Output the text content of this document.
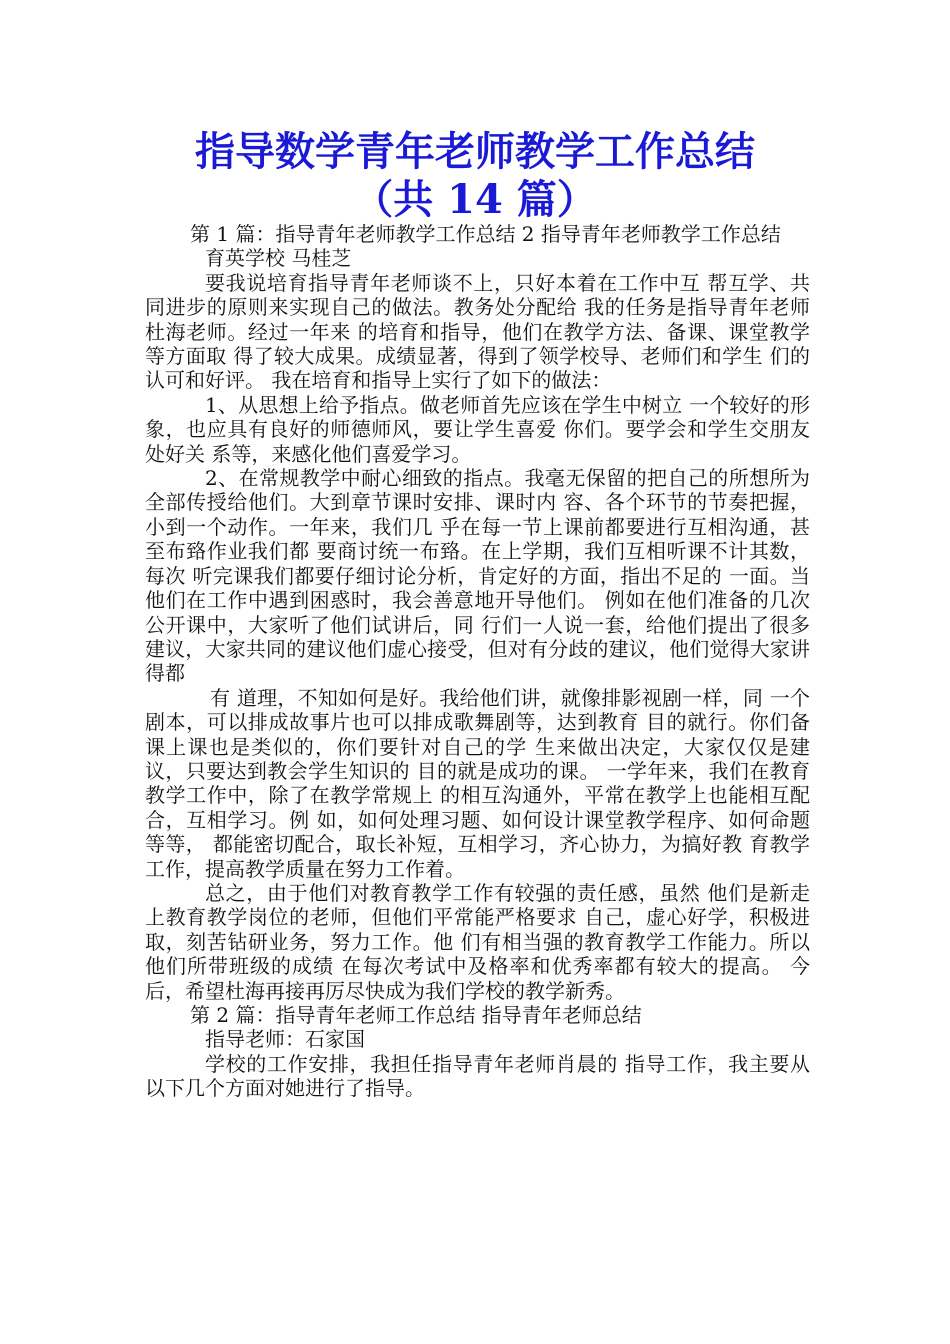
指导数学青年老师教学工作总结
（共 14 篇）

第 1 篇：指导青年老师教学工作总结 2 指导青年老师教学工作总结

育英学校 马桂芝

要我说培育指导青年老师谈不上，只好本着在工作中互 帮互学、共同进步的原则来实现自己的做法。教务处分配给 我的任务是指导青年老师杜海老师。经过一年来 的培育和指导，他们在教学方法、备课、课堂教学等方面取 得了较大成果。成绩显著，得到了领学校导、老师们和学生 们的认可和好评。 我在培育和指导上实行了如下的做法：

1、从思想上给予指点。做老师首先应该在学生中树立 一个较好的形象，也应具有良好的师德师风，要让学生喜爱 你们。要学会和学生交朋友处好关 系等，来感化他们喜爱学习。

2、在常规教学中耐心细致的指点。我毫无保留的把自己的所想所为全部传授给他们。大到章节课时安排、课时内 容、各个环节的节奏把握，小到一个动作。一年来，我们几 乎在每一节上课前都要进行互相沟通，甚至布臵作业我们都 要商讨统一布臵。在上学期，我们互相听课不计其数，每次 听完课我们都要仔细讨论分析，肯定好的方面，指出不足的 一面。当他们在工作中遇到困惑时，我会善意地开导他们。 例如在他们准备的几次公开课中，大家听了他们试讲后，同 行们一人说一套，给他们提出了很多建议，大家共同的建议他们虚心接受，但对有分歧的建议，他们觉得大家讲得都

有 道理，不知如何是好。我给他们讲，就像排影视剧一样，同 一个剧本，可以排成故事片也可以排成歌舞剧等，达到教育 目的就行。你们备课上课也是类似的，你们要针对自己的学 生来做出决定，大家仅仅是建议，只要达到教会学生知识的 目的就是成功的课。 一学年来，我们在教育教学工作中，除了在教学常规上 的相互沟通外，平常在教学上也能相互配合，互相学习。例 如，如何处理习题、如何设计课堂教学程序、如何命题等等， 都能密切配合，取长补短，互相学习，齐心协力，为搞好教 育教学工作，提高教学质量在努力工作着。

总之，由于他们对教育教学工作有较强的责任感，虽然 他们是新走上教育教学岗位的老师，但他们平常能严格要求 自己，虚心好学，积极进取，刻苦钻研业务，努力工作。他 们有相当强的教育教学工作能力。所以他们所带班级的成绩 在每次考试中及格率和优秀率都有较大的提高。 今后，希望杜海再接再厉尽快成为我们学校的教学新秀。

第 2 篇：指导青年老师工作总结 指导青年老师总结

指导老师：石家国

学校的工作安排，我担任指导青年老师肖晨的 指导工作，我主要从以下几个方面对她进行了指导。
